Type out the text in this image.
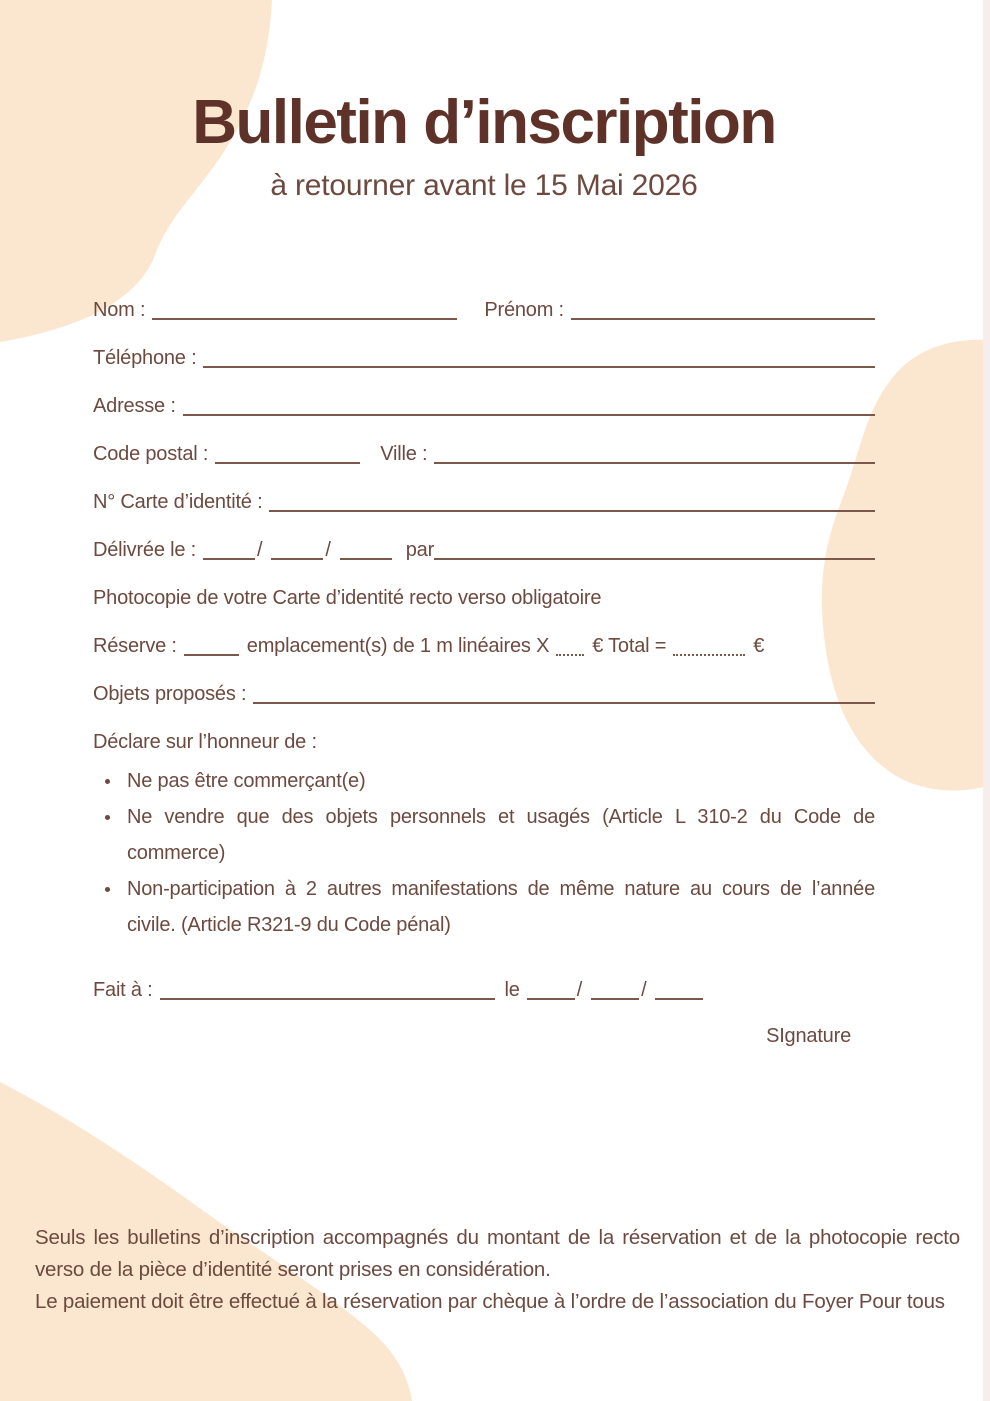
Bulletin d’inscription
à retourner avant le 15 Mai 2026
Nom :	Prénom :
Téléphone :
Adresse :
Code postal :	Ville :
N° Carte d’identité :
Délivrée le :	/	/	par
Photocopie de votre Carte d’identité recto verso obligatoire
Réserve :	emplacement(s) de 1 m linéaires X € Total =	€
Objets proposés :
Déclare sur l’honneur de :

Ne pas être commerçant(e)

Ne vendre que des objets personnels et usagés (Article L 310-2 du Code de commerce)

Non-participation à 2 autres manifestations de même nature au cours de l’année civile. (Article R321-9 du Code pénal)

Fait à :	le	/	/
SIgnature

Seuls les bulletins d’inscription accompagnés du montant de la réservation et de la photocopie recto verso de la pièce d’identité seront prises en considération.

Le paiement doit être effectué à la réservation par chèque à l’ordre de l’association du Foyer Pour tous
